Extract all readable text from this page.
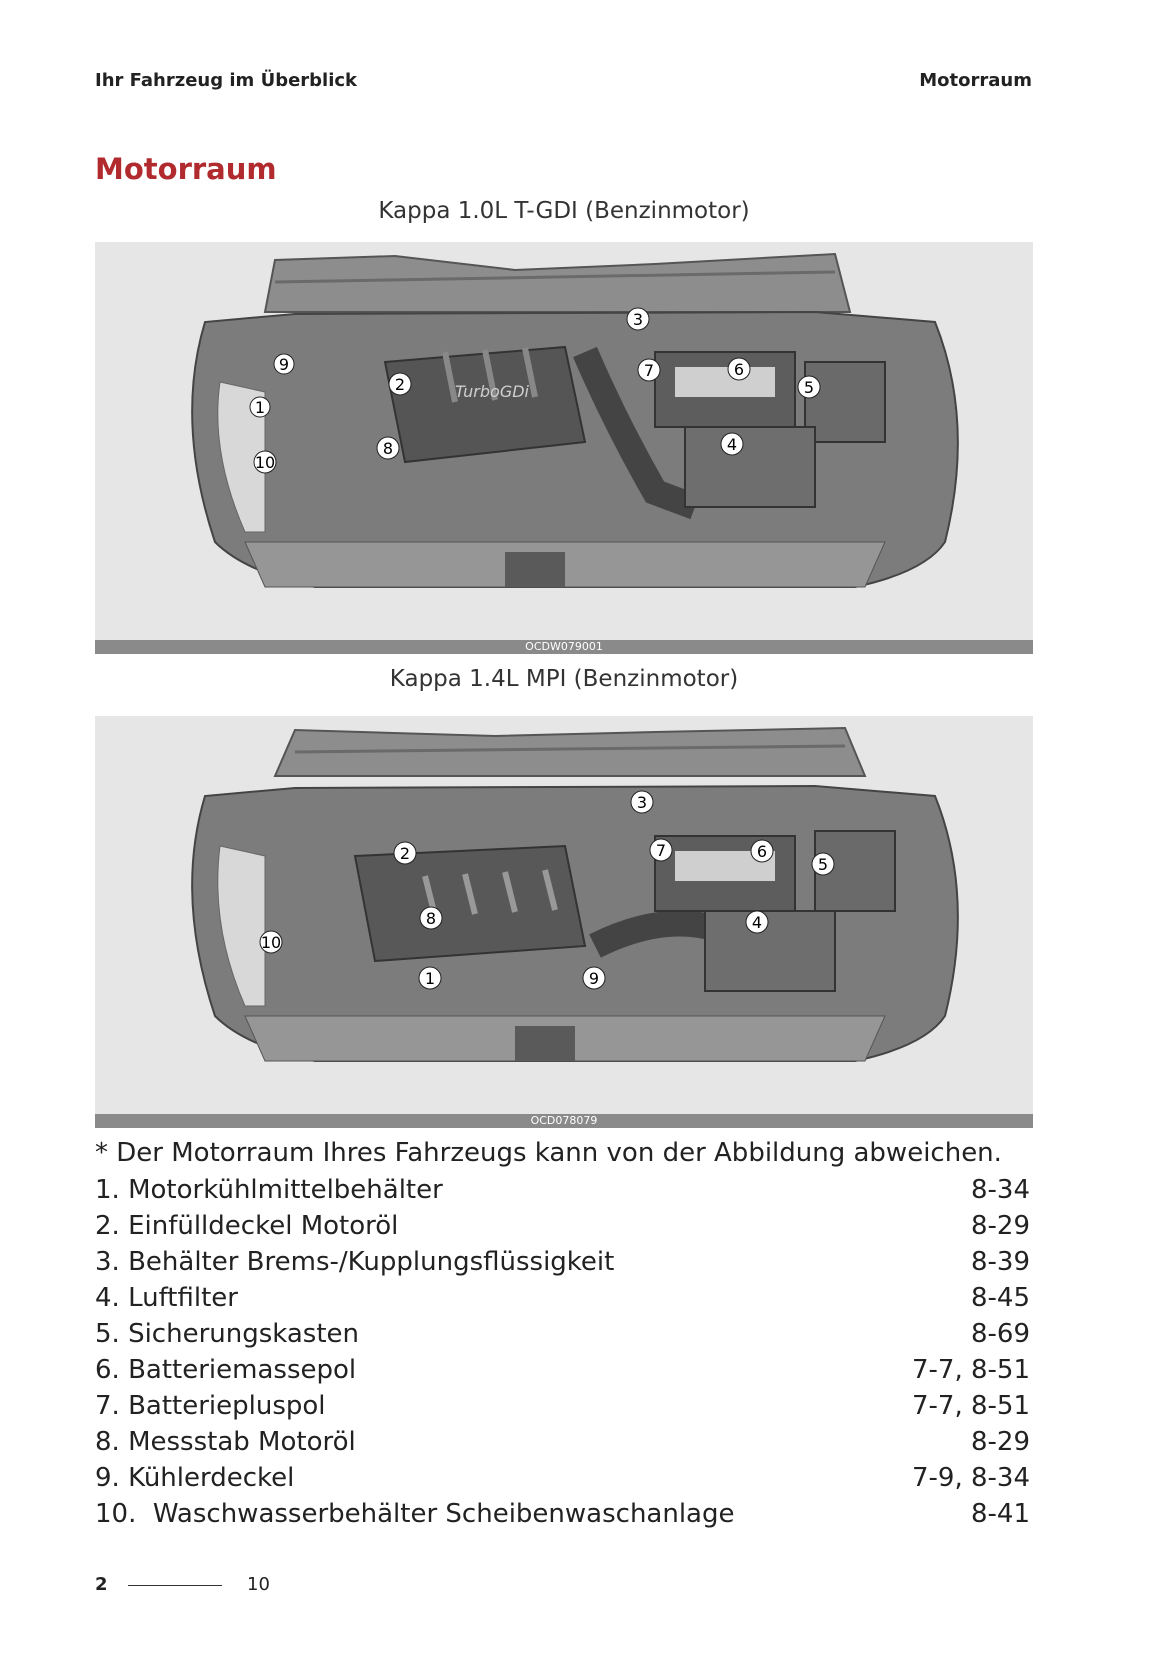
Ihr Fahrzeug im Überblick	Motorraum
Motorraum
Kappa 1.0L T-GDI (Benzinmotor)
TurboGDi
1
2
3
4
5
6
7
8
9
10
OCDW079001
Kappa 1.4L MPI (Benzinmotor)
1
2
3
4
5
6
7
8
9
10
OCD078079
* Der Motorraum Ihres Fahrzeugs kann von der Abbildung abweichen.
1. Motorkühlmittelbehälter	8-34
2. Einfülldeckel Motoröl	8-29
3. Behälter Brems-/Kupplungsflüssigkeit	8-39
4. Luftfilter	8-45
5. Sicherungskasten	8-69
6. Batteriemassepol	7-7, 8-51
7. Batteriepluspol	7-7, 8-51
8. Messstab Motoröl	8-29
9. Kühlerdeckel	7-9, 8-34
10.  Waschwasserbehälter Scheibenwaschanlage	8-41
2	10
